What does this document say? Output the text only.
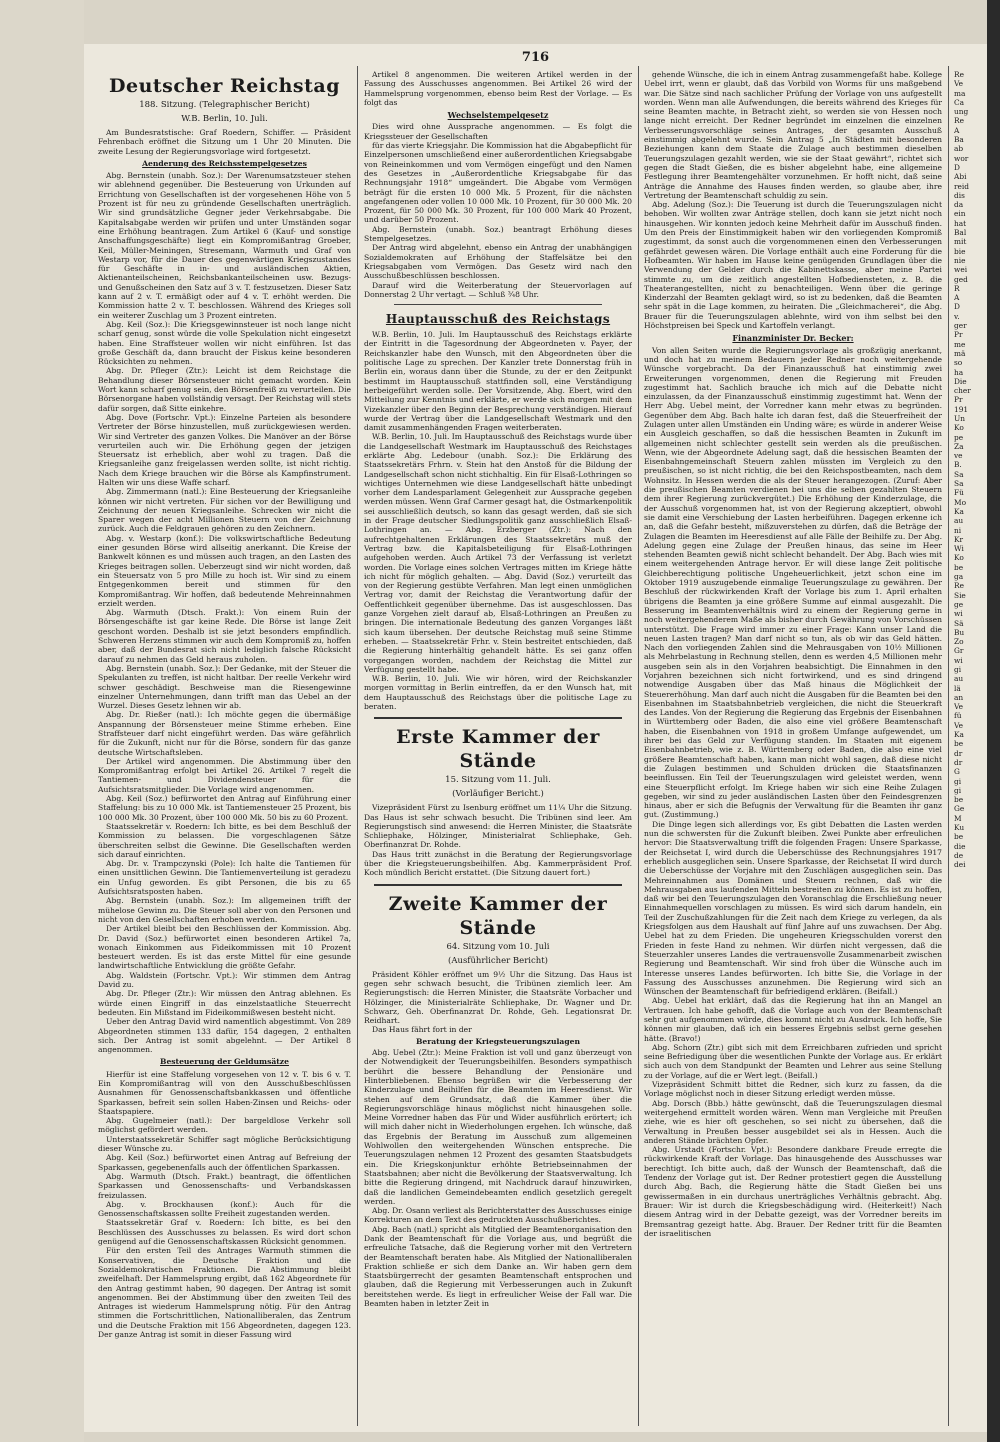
716
Deutscher Reichstag
188. Sitzung. (Telegraphischer Bericht)
W.B. Berlin, 10. Juli.

Am Bundesratstische: Graf Roedern, Schiffer. — Präsident Fehrenbach eröffnet die Sitzung um 1 Uhr 20 Minuten. Die zweite Lesung der Regierungsvorlage wird fortgesetzt.

Aenderung des Reichsstempelgesetzes

Abg. Bernstein (unabh. Soz.): Der Warenumsatzsteuer stehen wir ablehnend gegenüber. Die Besteuerung von Urkunden auf Errichtung von Gesellschaften ist der vorgesehenen Höhe von 5 Prozent ist für neu zu gründende Gesellschaften unerträglich. Wir sind grundsätzliche Gegner jeder Verkehrsabgabe. Die Kapitalsabgabe werden wir prüfen und unter Umständen sogar eine Erhöhung beantragen. Zum Artikel 6 (Kauf- und sonstige Anschaffungsgeschäfte) liegt ein Kompromißantrag Groeber, Keil, Müller-Meiningen, Stresemann, Warmuth und Graf von Westarp vor, für die Dauer des gegenwärtigen Kriegszustandes für Geschäfte in in- und ausländischen Aktien, Aktienanteilscheinen, Reichsbankanteilscheinen usw. Bezugs- und Genußscheinen den Satz auf 3 v. T. festzusetzen. Dieser Satz kann auf 2 v. T. ermäßigt oder auf 4 v. T. erhöht werden. Die Kommission hatte 2 v. T. beschlossen. Während des Krieges soll ein weiterer Zuschlag um 3 Prozent eintreten.

Abg. Keil (Soz.): Die Kriegsgewinnsteuer ist noch lange nicht scharf genug, sonst würde die volle Spekulation nicht eingesetzt haben. Eine Straffsteuer wollen wir nicht einführen. Ist das große Geschäft da, dann braucht der Fiskus keine besonderen Rücksichten zu nehmen.

Abg. Dr. Pfleger (Ztr.): Leicht ist dem Reichstage die Behandlung dieser Börsensteuer nicht gemacht worden. Kein Wort kann scharf genug sein, den Börsenfreiß zu verurteilen. Die Börsenorgane haben vollständig versagt. Der Reichstag will stets dafür sorgen, daß Sitte einkehre.

Abg. Dove (Fortschr. Vpt.): Einzelne Parteien als besondere Vertreter der Börse hinzustellen, muß zurückgewiesen werden. Wir sind Vertreter des ganzen Volkes. Die Manöver an der Börse verurteilen auch wir. Die Erhöhung gegen der jetzigen Steuersatz ist erheblich, aber wohl zu tragen. Daß die Kriegsanleihe ganz freigelassen werden sollte, ist nicht richtig. Nach dem Kriege brauchen wir die Börse als Kampfinstrument. Halten wir uns diese Waffe scharf.

Abg. Zimmermann (natl.): Eine Besteuerung der Kriegsanleihe können wir nicht vertreten. Für sichen vor der Bewilligung und Zeichnung der neuen Kriegsanleihe. Schrecken wir nicht die Sparer wegen der acht Millionen Steuern von der Zeichnung zurück. Auch die Feldgrauen gehören zu den Zeichnern.

Abg. v. Westarp (konf.): Die volkswirtschaftliche Bedeutung einer gesunden Börse wird allseitig anerkannt. Die Kreise der Bankwelt können es und müssen auch tragen, an den Lasten des Krieges beitragen sollen. Ueberzeugt sind wir nicht worden, daß ein Steuersatz von 5 pro Mille zu hoch ist. Wir sind zu einem Entgegenkommen bereit und stimmen für den Kompromißantrag. Wir hoffen, daß bedeutende Mehreinnahmen erzielt werden.

Abg. Warmuth (Dtsch. Frakt.): Von einem Ruin der Börsengeschäfte ist gar keine Rede. Die Börse ist lange Zeit geschont worden. Deshalb ist sie jetzt besonders empfindlich. Schweren Herzens stimmen wir auch dem Kompromiß zu, hoffen aber, daß der Bundesrat sich nicht lediglich falsche Rücksicht darauf zu nehmen das Geld heraus zuholen.

Abg. Bernstein (unabh. Soz.): Der Gedanke, mit der Steuer die Spekulanten zu treffen, ist nicht haltbar. Der reelle Verkehr wird schwer geschädigt. Beschweise man die Riesengewinne einzelner Unternehmungen, dann trifft man das Uebel an der Wurzel. Dieses Gesetz lehnen wir ab.

Abg. Dr. Rießer (natl.): Ich möchte gegen die übermäßige Anspannung der Börsensteuer meine Stimme erheben. Eine Straffsteuer darf nicht eingeführt werden. Das wäre gefährlich für die Zukunft, nicht nur für die Börse, sondern für das ganze deutsche Wirtschaftsleben.

Der Artikel wird angenommen. Die Abstimmung über den Kompromißantrag erfolgt bei Artikel 26. Artikel 7 regelt die Tantiemen- und Dividendensteuer für die Aufsichtsratsmitglieder. Die Vorlage wird angenommen.

Abg. Keil (Soz.) befürwortet den Antrag auf Einführung einer Staffelung: bis zu 10 000 Mk. ist Tantiemensteuer 25 Prozent, bis 100 000 Mk. 30 Prozent, über 100 000 Mk. 50 bis zu 60 Prozent.

Staatssekretär v. Roedern: Ich bitte, es bei dem Beschluß der Kommission zu belassen. Die vorgeschlagenen Sätze überschreiten selbst die Gewinne. Die Gesellschaften werden sich darauf einrichten.

Abg. Dr. v. Trampczynski (Pole): Ich halte die Tantiemen für einen unsittlichen Gewinn. Die Tantiemenverteilung ist geradezu ein Unfug geworden. Es gibt Personen, die bis zu 65 Aufsichtsratsposten haben.

Abg. Bernstein (unabh. Soz.): Im allgemeinen trifft der mühelose Gewinn zu. Die Steuer soll aber von den Personen und nicht von den Gesellschaften erhoben werden.

Der Artikel bleibt bei den Beschlüssen der Kommission. Abg. Dr. David (Soz.) befürwortet einen besonderen Artikel 7a, wonach Einkommen aus Fideikommissen mit 10 Prozent besteuert werden. Es ist das erste Mittel für eine gesunde landwirtschaftliche Entwicklung die größte Gefahr.

Abg. Waldstein (Fortschr. Vpt.): Wir stimmen dem Antrag David zu.

Abg. Dr. Pfleger (Ztr.): Wir müssen den Antrag ablehnen. Es würde einen Eingriff in das einzelstaatliche Steuerrecht bedeuten. Ein Mißstand im Fideikommißwesen besteht nicht.

Ueber den Antrag David wird namentlich abgestimmt. Von 289 Abgeordneten stimmen 133 dafür, 154 dagegen, 2 enthalten sich. Der Antrag ist somit abgelehnt. — Der Artikel 8 angenommen.

Besteuerung der Geldumsätze

Hierfür ist eine Staffelung vorgesehen von 12 v. T. bis 6 v. T. Ein Kompromißantrag will von den Ausschußbeschlüssen Ausnahmen für Genossenschaftsbankkassen und öffentliche Sparkassen, befreit sein sollen Haben-Zinsen und Reichs- oder Staatspapiere.

Abg. Gugelmeier (natl.): Der bargeldlose Verkehr soll möglichst gefördert werden.

Unterstaatssekretär Schiffer sagt mögliche Berücksichtigung dieser Wünsche zu.

Abg. Keil (Soz.) befürwortet einen Antrag auf Befreiung der Sparkassen, gegebenenfalls auch der öffentlichen Sparkassen.

Abg. Warmuth (Dtsch. Frakt.) beantragt, die öffentlichen Sparkassen und Genossenschafts- und Verbandskassen freizulassen.

Abg. v. Brockhausen (konf.): Auch für die Genossenschaftskassen sollte Freiheit zugestanden werden.

Staatssekretär Graf v. Roedern: Ich bitte, es bei den Beschlüssen des Ausschusses zu belassen. Es wird dort schon genügend auf die Genossenschaftskassen Rücksicht genommen.

Für den ersten Teil des Antrages Warmuth stimmen die Konservativen, die Deutsche Fraktion und die Sozialdemokratischen Fraktionen. Die Abstimmung bleibt zweifelhaft. Der Hammelsprung ergibt, daß 162 Abgeordnete für den Antrag gestimmt haben, 90 dagegen. Der Antrag ist somit angenommen. Bei der Abstimmung über den zweiten Teil des Antrages ist wiederum Hammelsprung nötig. Für den Antrag stimmen die Fortschrittlichen, Nationalliberalen, das Zentrum und die Deutsche Fraktion mit 156 Abgeordneten, dagegen 123. Der ganze Antrag ist somit in dieser Fassung wird

Artikel 8 angenommen. Die weiteren Artikel werden in der Fassung des Ausschusses angenommen. Bei Artikel 26 wird der Hammelsprung vorgenommen, ebenso beim Rest der Vorlage. — Es folgt das

Wechselstempelgesetz

Dies wird ohne Aussprache angenommen. — Es folgt die Kriegssteuer der Gesellschaften

für das vierte Kriegsjahr. Die Kommission hat die Abgabepflicht für Einzelpersonen umschließend einer außerordentlichen Kriegsabgabe von Reineinkommen und vom Vermögen eingefügt und den Namen des Gesetzes in „Außerordentliche Kriegsabgabe für das Rechnungsjahr 1918“ umgeändert. Die Abgabe vom Vermögen beträgt für die ersten 10 000 Mk. 5 Prozent, für die nächsten angefangenen oder vollen 10 000 Mk. 10 Prozent, für 30 000 Mk. 20 Prozent, für 50 000 Mk. 30 Prozent, für 100 000 Mark 40 Prozent, und darüber 50 Prozent.

Abg. Bernstein (unabh. Soz.) beantragt Erhöhung dieses Stempelgesetzes.

Der Antrag wird abgelehnt, ebenso ein Antrag der unabhängigen Sozialdemokraten auf Erhöhung der Staffelsätze bei den Kriegsabgaben vom Vermögen. Das Gesetz wird nach den Ausschußbeschlüssen beschlossen.

Darauf wird die Weiterberatung der Steuervorlagen auf Donnerstag 2 Uhr vertagt. — Schluß ¾8 Uhr.

Hauptausschuß des Reichstags

W.B. Berlin, 10. Juli. Im Hauptausschuß des Reichstags erklärte der Eintritt in die Tagesordnung der Abgeordneten v. Payer, der Reichskanzler habe den Wunsch, mit den Abgeordneten über die politische Lage zu sprechen. Der Kanzler trete Donnerstag früh in Berlin ein, woraus dann über die Stunde, zu der er den Zeitpunkt bestimmt im Hauptausschuß stattfinden soll, eine Verständigung herbeigeführt werden solle. Der Vorsitzende, Abg. Ebert, wird den Mitteilung zur Kenntnis und erklärte, er werde sich morgen mit dem Vizekanzler über den Beginn der Besprechung verständigen. Hierauf wurde der Vertrag über die Landgesellschaft Westmark und den damit zusammenhängenden Fragen weiterberaten.

W.B. Berlin, 10. Juli. Im Hauptausschuß des Reichstags wurde über die Landgesellschaft Westmark im Hauptausschuß des Reichstages erklärte Abg. Ledebour (unabh. Soz.): Die Erklärung des Staatssekretärs Frhrn. v. Stein hat den Anstoß für die Bildung der Landgesellschaft schon nicht stichhaltig. Ein für Elsaß-Lothringen so wichtiges Unternehmen wie diese Landgesellschaft hätte unbedingt vorher dem Landesparlament Gelegenheit zur Aussprache gegeben werden müssen. Wenn Graf Carmer gesagt hat, die Ostmarkenpolitik sei ausschließlich deutsch, so kann das gesagt werden, daß sie sich in der Frage deutscher Siedlungspolitik ganz ausschließlich Elsaß-Lothringen an. — Abg. Erzberger (Ztr.): Nach den aufrechtgehaltenen Erklärungen des Staatssekretärs muß der Vertrag bzw. die Kapitalsbeteiligung für Elsaß-Lothringen aufgehoben werden. Auch Artikel 73 der Verfassung ist verletzt worden. Die Vorlage eines solchen Vertrages mitten im Kriege hätte ich nicht für möglich gehalten. — Abg. David (Soz.) verurteilt das von der Regierung gestübte Verfahren. Man legt einen unmöglichen Vertrag vor, damit der Reichstag die Verantwortung dafür der Oeffentlichkeit gegenüber übernehme. Das ist ausgeschlossen. Das ganze Vorgehen zielt darauf ab, Elsaß-Lothringen an Preußen zu bringen. Die internationale Bedeutung des ganzen Vorganges läßt sich kaum übersehen. Der deutsche Reichstag muß seine Stimme erheben. — Staatssekretär Frhr. v. Stein bestreitet entschieden, daß die Regierung hinterhältig gehandelt hätte. Es sei ganz offen vorgegangen worden, nachdem der Reichstag die Mittel zur Verfügung gestellt habe.

W.B. Berlin, 10. Juli. Wie wir hören, wird der Reichskanzler morgen vormittag in Berlin eintreffen, da er den Wunsch hat, mit dem Hauptausschuß des Reichstags über die politische Lage zu beraten.

Erste Kammer der Stände
15. Sitzung vom 11. Juli.
(Vorläufiger Bericht.)

Vizepräsident Fürst zu Isenburg eröffnet um 11¼ Uhr die Sitzung. Das Haus ist sehr schwach besucht. Die Tribünen sind leer. Am Regierungstisch sind anwesend: die Herren Minister, die Staatsräte Schliephake, Hölzinger, Ministerialrat Schliephake, Geh. Oberfinanzrat Dr. Rohde.

Das Haus tritt zunächst in die Beratung der Regierungsvorlage über die Kriegsteuerungsbeihilfen. Abg. Kammerpräsident Prof. Koch mündlich Bericht erstattet. (Die Sitzung dauert fort.)

Zweite Kammer der Stände
64. Sitzung vom 10. Juli
(Ausführlicher Bericht)

Präsident Köhler eröffnet um 9½ Uhr die Sitzung. Das Haus ist gegen sehr schwach besucht, die Tribünen ziemlich leer. Am Regierungstisch: die Herren Minister, die Staatsräte Vorbacher und Hölzinger, die Ministerialräte Schliephake, Dr. Wagner und Dr. Schwarz, Geh. Oberfinanzrat Dr. Rohde, Geh. Legationsrat Dr. Reidhart.

Das Haus fährt fort in der

Beratung der Kriegsteuerungszulagen

Abg. Uebel (Ztr.): Meine Fraktion ist voll und ganz überzeugt von der Notwendigkeit der Teuerungsbeihilfen. Besonders sympathisch berührt die bessere Behandlung der Pensionäre und Hinterbliebenen. Ebenso begrüßen wir die Verbesserung der Kinderzulage und Beihilfen für die Beamten im Heeresdienst. Wir stehen auf dem Grundsatz, daß die Kammer über die Regierungsvorschläge hinaus möglichst nicht hinausgehen solle. Meine Vorredner haben das Für und Wider ausführlich erörtert; ich will mich daher nicht in Wiederholungen ergehen. Ich wünsche, daß das Ergebnis der Beratung im Ausschuß zum allgemeinen Wohlwollen den weitergehenden Wünschen entspreche. Die Teuerungszulagen nehmen 12 Prozent des gesamten Staatsbudgets ein. Die Kriegskonjunktur erhöhte Betriebseinnahmen der Staatsbahnen; aber nicht die Bevölkerung der Staatsverwaltung. Ich bitte die Regierung dringend, mit Nachdruck darauf hinzuwirken, daß die landlichen Gemeindebeamten endlich gesetzlich geregelt werden.

Abg. Dr. Osann verliest als Berichterstatter des Ausschusses einige Korrekturen an dem Text des gedruckten Ausschußberichtes.

Abg. Bach (natl.) spricht als Mitglied der Beamtenorganisation den Dank der Beamtenschaft für die Vorlage aus, und begrüßt die erfreuliche Tatsache, daß die Regierung vorher mit den Vertretern der Beamtenschaft beraten habe. Als Mitglied der Nationalliberalen Fraktion schließe er sich dem Danke an. Wir haben gern dem Staatsbürgerrecht der gesamten Beamtenschaft entsprochen und glauben, daß die Regierung mit Verbesserungen auch in Zukunft bereitstehen werde. Es liegt in erfreulicher Weise der Fall war. Die Beamten haben in letzter Zeit in

gehende Wünsche, die ich in einem Antrag zusammengefaßt habe. Kollege Uebel irrt, wenn er glaubt, daß das Vorbild von Worms für uns maßgebend war. Die Sätze sind nach sachlicher Prüfung der Vorlage von uns aufgestellt worden. Wenn man alle Aufwendungen, die bereits während des Krieges für seine Beamten machte, in Betracht zieht, so werden sie von Hessen noch lange nicht erreicht. Der Redner begründet im einzelnen die einzelnen Verbesserungsvorschläge seines Antrages, der gesamten Ausschuß einstimmig abgelehnt wurde. Sein Antrag 5 „In Städten mit besonderen Beziehungen kann dem Staate die Zulage auch bestimmen dieselben Teuerungszulagen gezahlt werden, wie sie der Staat gewährt“, richtet sich gegen die Stadt Gießen, die es bisher abgelehnt habe, eine allgemeine Festlegung ihrer Beamtengehälter vorzunehmen. Er hofft nicht, daß seine Anträge die Annahme des Hauses finden werden, so glaube aber, ihre Vertretung der Beamtenschaft schuldig zu sein.

Abg. Adelung (Soz.): Die Teuerung ist durch die Teuerungszulagen nicht behoben. Wir wollten zwar Anträge stellen, doch kann sie jetzt nicht noch hinausgehen. Wir konnten jedoch keine Mehrheit dafür im Ausschuß finden. Um den Preis der Einstimmigkeit haben wir den vorliegenden Kompromiß zugestimmt, da sonst auch die vorgenommenen einen den Verbesserungen gefährdet gewesen wären. Die Vorlage enthält auch eine Forderung für die Hofbeamten. Wir haben im Hause keine genügenden Grundlagen über die Verwendung der Gelder durch die Kabinettskasse, aber meine Partei stimmte zu, um die zeitlich angestellten Hofbediensteten, z. B. die Theaterangestellten, nicht zu benachteiligen. Wenn über die geringe Kinderzahl der Beamten geklagt wird, so ist zu bedenken, daß die Beamten sehr spät in die Lage kommen, zu heiraten. Die „Gleichmacherei“, die Abg. Brauer für die Teuerungszulagen ablehnte, wird von ihm selbst bei den Höchstpreisen bei Speck und Kartoffeln verlangt.

Finanzminister Dr. Becker:

Von allen Seiten wurde die Regierungsvorlage als großzügig anerkannt, und doch hat zu meinem Bedauern jeder Redner noch weitergehende Wünsche vorgebracht. Da der Finanzausschuß hat einstimmig zwei Erweiterungen vorgenommen, denen die Regierung mit Freuden zugestimmt hat. Sachlich brauche ich mich auf die Debatte nicht einzulassen, da der Finanzausschuß einstimmig zugestimmt hat. Wenn der Herr Abg. Uebel meint, der Vorredner kann mehr etwas zu begründen. Gegenüber dem Abg. Bach halte ich daran fest, daß die Steuerfreiheit der Zulagen unter allen Umständen ein Unding wäre; es würde in anderer Weise ein Ausgleich geschaffen, so daß die hessischen Beamten in Zukunft im allgemeinen nicht schlechter gestellt sein werden als die preußischen. Wenn, wie der Abgeordnete Adelung sagt, daß die hessischen Beamten der Eisenbahngemeinschaft Steuern zahlen müssten im Vergleich zu den preußischen, so ist nicht richtig, die bei den Reichspostbeamten, nach dem Wohnsitz. In Hessen werden die als der Steuer herangezogen. (Zuruf: Aber die preußischen Beamten verdienen bei uns die selben gezahlten Steuern dem ihrer Regierung zurückvergütet.) Die Erhöhung der Kinderzulage, die der Ausschuß vorgenommen hat, ist von der Regierung akzeptiert, obwohl sie damit eine Verschiebung der Lasten herbeiführen. Dagegen erkenne ich an, daß die Gefahr besteht, mißzuverstehen zu dürfen, daß die Beträge der Zulagen die Beamten im Heeresdienst auf alle Fälle der Beihilfe zu. Der Abg. Adelung gegen eine Zulage der Preußen hinaus, das seine im Heer stehenden Beamten gewiß nicht schlecht behandelt. Der Abg. Bach wies mit einem weitergehenden Antrage hervor. Er will diese lange Zeit politische Gleichberechtigung politische Ungeheuerlichkeit, jetzt schon eine im Oktober 1919 auszugebende einmalige Teuerungszulage zu gewähren. Der Beschluß der rückwirkenden Kraft der Vorlage bis zum 1. April erhalten übrigens die Beamten ja eine größere Summe auf einmal ausgezahlt. Die Besserung im Beamtenverhältnis wird zu einem der Regierung gerne in noch weitergehenderem Maße als bisher durch Gewährung von Vorschüssen unterstützt. Die Frage wird immer zu einer Frage: Kann unser Land die neuen Lasten tragen? Man darf nicht so tun, als ob wir das Geld hätten. Nach den vorliegenden Zahlen sind die Mehrausgaben von 10½ Millionen als Mehrbelastung in Rechnung stellen, denn es werden 4,5 Millionen mehr ausgeben sein als in den Vorjahren beabsichtigt. Die Einnahmen in den Vorjahren bezeichnen sich nicht fortwirkend, und es sind dringend notwendige Ausgaben über das Maß hinaus die Möglichkeit der Steuererhöhung. Man darf auch nicht die Ausgaben für die Beamten bei den Eisenbahnen im Staatsbahnbetrieb vergleichen, die nicht die Steuerkraft des Landes. Von der Regierung die Regierung das Ergebnis der Eisenbahnen in Württemberg oder Baden, die also eine viel größere Beamtenschaft haben, die Eisenbahnen von 1918 in großem Umfange aufgewendet, um ihrer bei das Geld zur Verfügung standen. Im Staaten mit eigenem Eisenbahnbetrieb, wie z. B. Württemberg oder Baden, die also eine viel größere Beamtenschaft haben, kann man nicht wohl sagen, daß diese nicht die Zulagen bestimmen und Schulden drücken die Staatsfinanzen beeinflussen. Ein Teil der Teuerungszulagen wird geleistet werden, wenn eine Steuerpflicht erfolgt. Im Kriege haben wir sich eine Reihe Zulagen gegeben, wir sind zu jeder ausländischen Lasten über den Feindesgrenzen hinaus, aber er sich die Befugnis der Verwaltung für die Beamten ihr ganz gut. (Zustimmung.)

Die Dinge legen sich allerdings vor, Es gibt Debatten die Lasten werden nun die schwersten für die Zukunft bleiben. Zwei Punkte aber erfreulichen hervor: Die Staatsverwaltung trifft die folgenden Fragen: Unsere Sparkasse, der Reichsetat I, wird durch die Ueberschüsse des Rechnungsjahres 1917 erheblich ausgeglichen sein. Unsere Sparkasse, der Reichsetat II wird durch die Ueberschüsse der Vorjahre mit den Zuschlägen ausgeglichen sein. Das Mehreinnahmen aus Domänen und Steuern rechnen, daß wir die Mehrausgaben aus laufenden Mitteln bestreiten zu können. Es ist zu hoffen, daß wir bei den Teuerungszulagen den Voranschlag die Erschließung neuer Einnahmequellen vorschlagen zu müssen. Es wird sich darum handeln, ein Teil der Zuschußzahlungen für die Zeit nach dem Kriege zu verlegen, da als Kriegsfolgen aus dem Haushalt auf fünf Jahre auf uns zuwachsen. Der Abg. Uebel hat zu dem Frieden. Die ungeheuren Kriegsschulden vorerst den Frieden in feste Hand zu nehmen. Wir dürfen nicht vergessen, daß die Steuerzahler unseres Landes die vertrauensvolle Zusammenarbeit zwischen Regierung und Beamtenschaft. Wir sind froh über die Wünsche auch im Interesse unseres Landes befürworten. Ich bitte Sie, die Vorlage in der Fassung des Ausschusses anzunehmen. Die Regierung wird sich an Wünschen der Beamtenschaft für befriedigend erklären. (Beifall.)

Abg. Uebel hat erklärt, daß das die Regierung hat ihn an Mangel an Vertrauen. Ich habe gehofft, daß die Vorlage auch von der Beamtenschaft sehr gut aufgenommen würde, dies kommt nicht zu Ausdruck. Ich hoffe, Sie können mir glauben, daß ich ein besseres Ergebnis selbst gerne gesehen hätte. (Bravo!)

Abg. Schorn (Ztr.) gibt sich mit dem Erreichbaren zufrieden und spricht seine Befriedigung über die wesentlichen Punkte der Vorlage aus. Er erklärt sich auch von dem Standpunkt der Beamten und Lehrer aus seine Stellung zu der Vorlage, auf die er Wert legt. (Beifall.)

Vizepräsident Schmitt bittet die Redner, sich kurz zu fassen, da die Vorlage möglichst noch in dieser Sitzung erledigt werden müsse.

Abg. Dorsch (Bbb.) hätte gewünscht, daß die Teuerungszulagen diesmal weitergehend ermittelt worden wären. Wenn man Vergleiche mit Preußen ziehe, wie es hier oft geschehen, so sei nicht zu übersehen, daß die Verwaltung in Preußen besser ausgebildet sei als in Hessen. Auch die anderen Stände brächten Opfer.

Abg. Urstadt (Fortschr. Vpt.): Besondere dankbare Freude erregte die rückwirkende Kraft der Vorlage. Das hinausgehende des Ausschusses war berechtigt. Ich bitte auch, daß der Wunsch der Beamtenschaft, daß die Tendenz der Vorlage gut ist. Der Redner protestiert gegen die Ausstellung durch Abg. Bach, die Regierung hätte die Stadt Gießen bei uns gewissermaßen in ein durchaus unerträgliches Verhältnis gebracht. Abg. Brauer: Wir ist durch die Kriegsbeschädigung wird. (Heiterkeit!) Nach diesem Antrag wird in der Debatte gezeigt, was der Vorredner bereits im Bremsantrag gezeigt hatte. Abg. Brauer. Der Redner tritt für die Beamten der israelitischen

Re

Ve

ma

Ca

ung

Re

A

Ba

ab

wor

D

Abi

reid

dis

da

ein

hat

Bal

mit

bie

nie

wei

ged

R

A

D

v.

ger

Pr

me

mä

so

ha

Die

cher

Pr

191

Un

Ko

pe

Za

ve

B.

Sa

Sa

Fü

Mo

Ka

au

ni

Kr

Wi

Ko

be

ga

Re

Sie

ge

wi

Sä

Bu

Zo

Gr

wi

gi

au

lä

an

Ve

fü

Ve

Ka

be

dr

dr

G

gi

gi

be

Ge

M

Ku

be

die

de

dei
